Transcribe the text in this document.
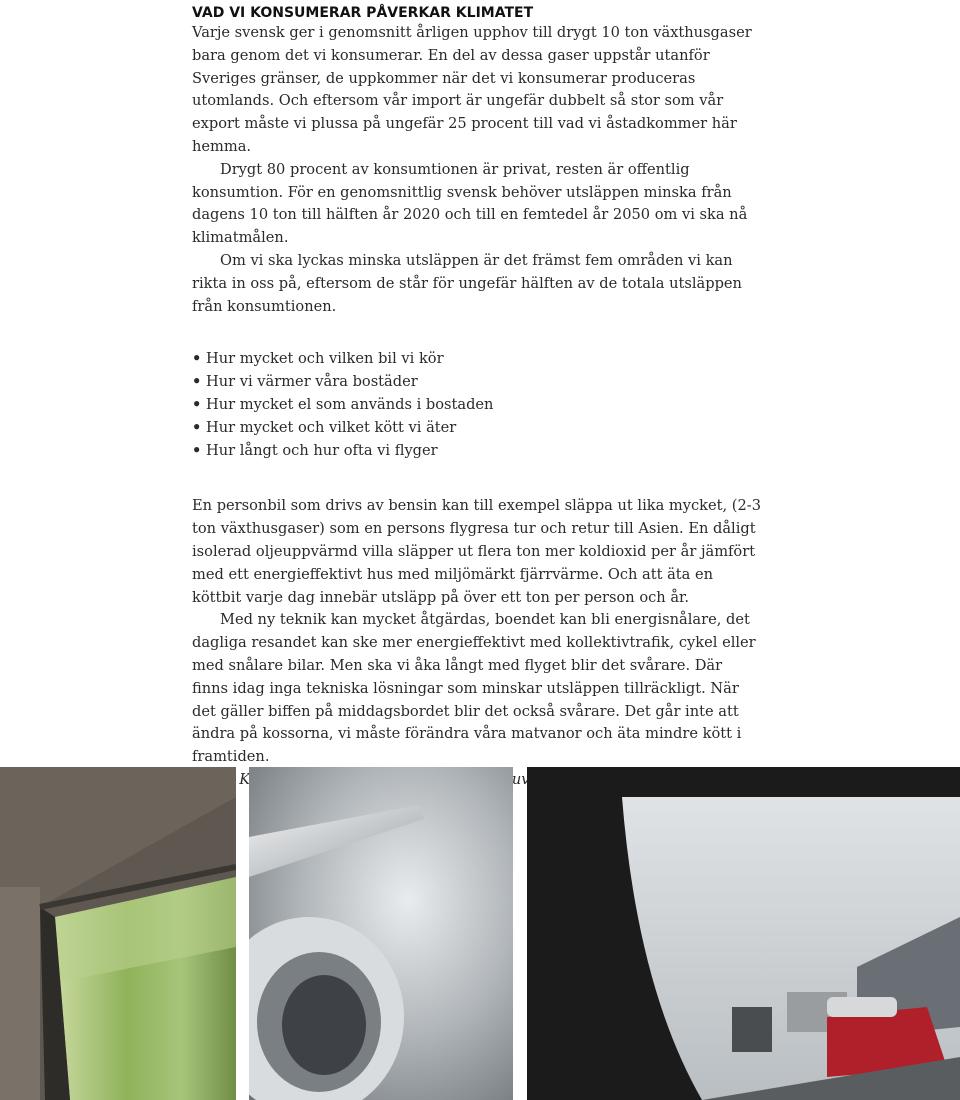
VAD VI KONSUMERAR PÅVERKAR KLIMATET

Varje svensk ger i genomsnitt årligen upphov till drygt 10 ton växthusgaser bara genom det vi konsumerar. En del av dessa gaser uppstår utanför Sveriges gränser, de uppkommer när det vi konsumerar produceras utomlands. Och eftersom vår import är ungefär dubbelt så stor som vår export måste vi plussa på ungefär 25 procent till vad vi åstadkommer här hemma.

Drygt 80 procent av konsumtionen är privat, resten är offentlig konsumtion. För en genomsnittlig svensk behöver utsläppen minska från dagens 10 ton till hälften år 2020 och till en femtedel år 2050 om vi ska nå klimatmålen.

Om vi ska lyckas minska utsläppen är det främst fem områden vi kan rikta in oss på, eftersom de står för ungefär hälften av de totala utsläppen från konsumtionen.

• Hur mycket och vilken bil vi kör
• Hur vi värmer våra bostäder
• Hur mycket el som används i bostaden
• Hur mycket och vilket kött vi äter
• Hur långt och hur ofta vi flyger

En personbil som drivs av bensin kan till exempel släppa ut lika mycket, (2-3 ton växthusgaser) som en persons flygresa tur och retur till Asien. En dåligt isolerad oljeuppvärmd villa släpper ut flera ton mer koldioxid per år jämfört med ett energieffektivt hus med miljömärkt fjärrvärme. Och att äta en köttbit varje dag innebär utsläpp på över ett ton per person och år.

Med ny teknik kan mycket åtgärdas, boendet kan bli energisnålare, det dagliga resandet kan ske mer energieffektivt med kollektivtrafik, cykel eller med snålare bilar. Men ska vi åka långt med flyget blir det svårare. Där finns idag inga tekniska lösningar som minskar utsläppen tillräckligt. När det gäller biffen på middagsbordet blir det också svårare. Det går inte att ändra på kossorna, vi måste förändra våra matvanor och äta mindre kött i framtiden.
